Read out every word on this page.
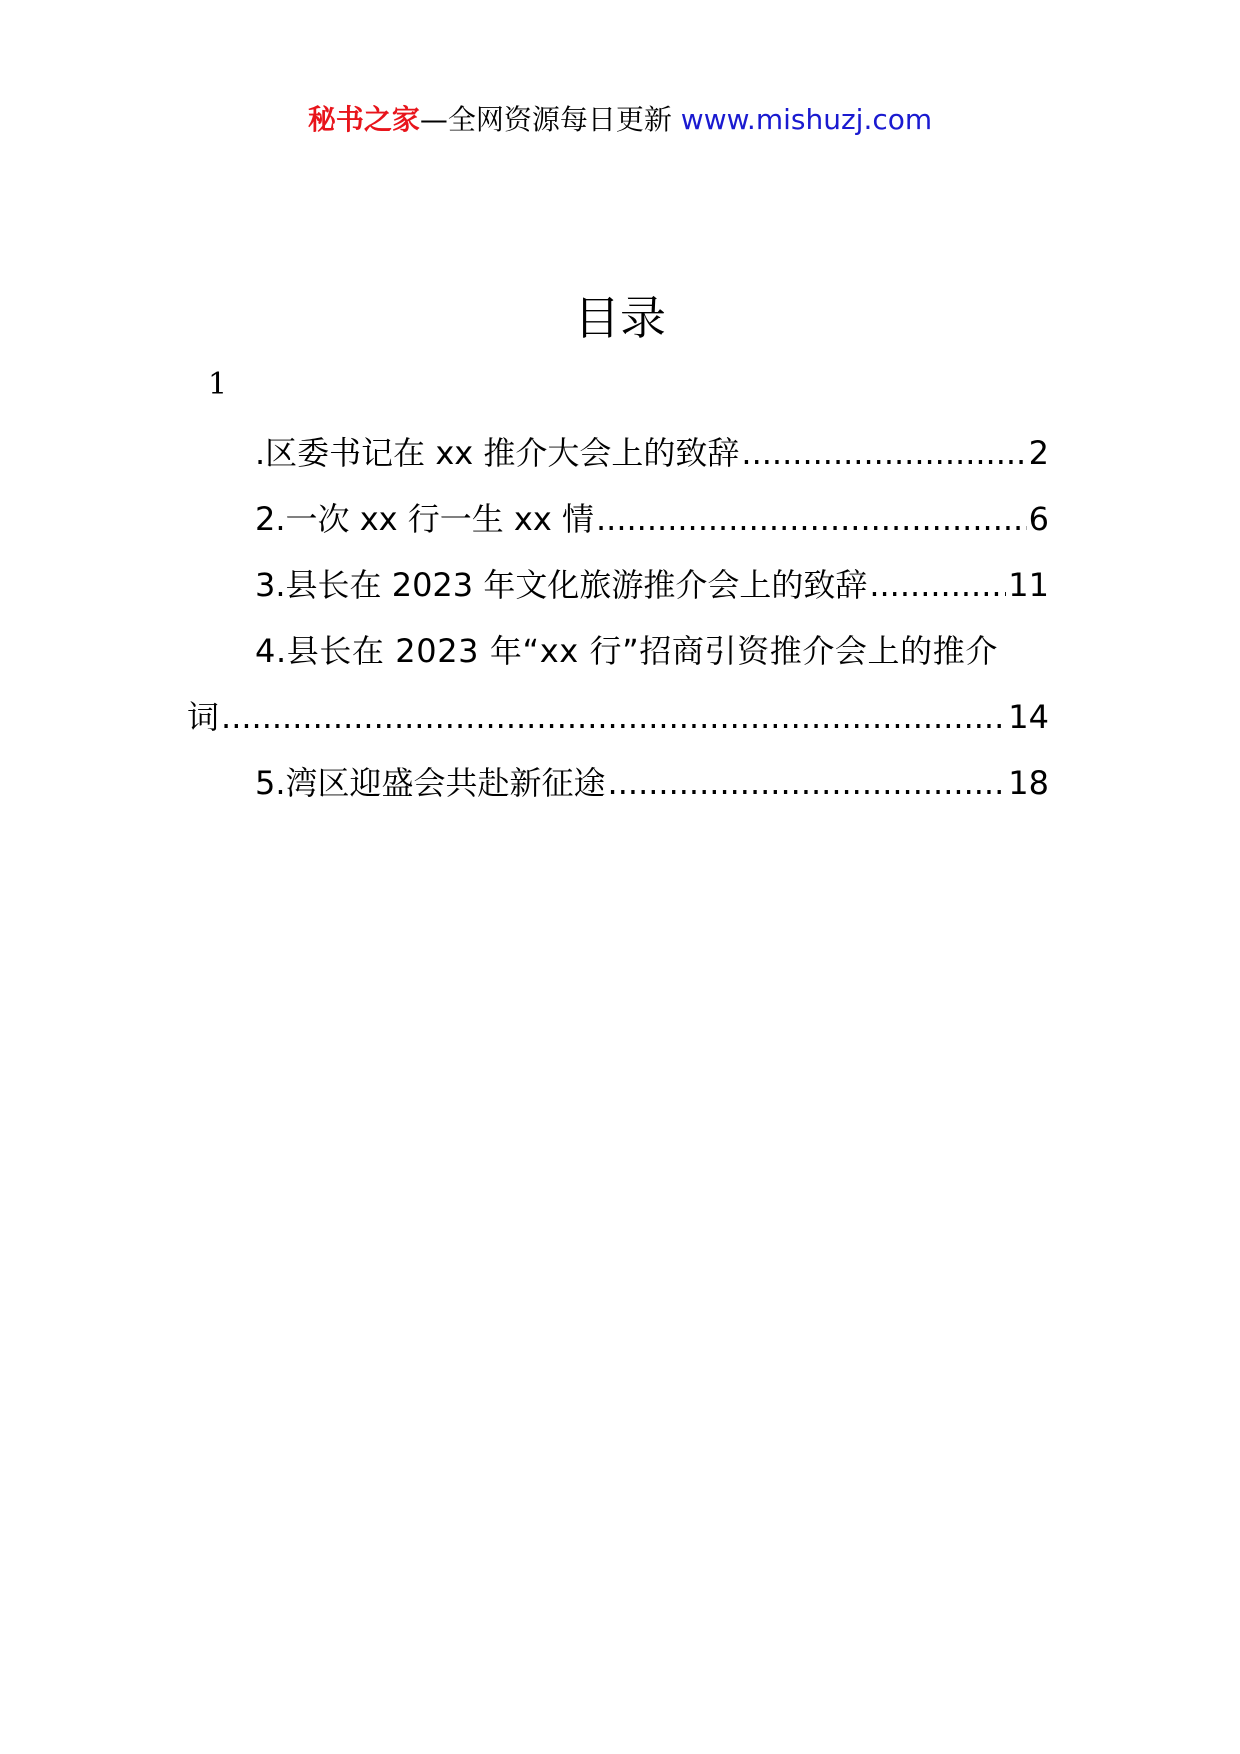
秘书之家—全网资源每日更新 www.mishuzj.com
目录
1
.区委书记在 xx 推介大会上的致辞 .....	2
2.一次 xx 行一生 xx 情 .....	6
3.县长在 2023 年文化旅游推介会上的致辞 .....	11
4.县长在 2023 年“xx 行”招商引资推介会上的推介
词 .....	14
5.湾区迎盛会共赴新征途 .....	18
